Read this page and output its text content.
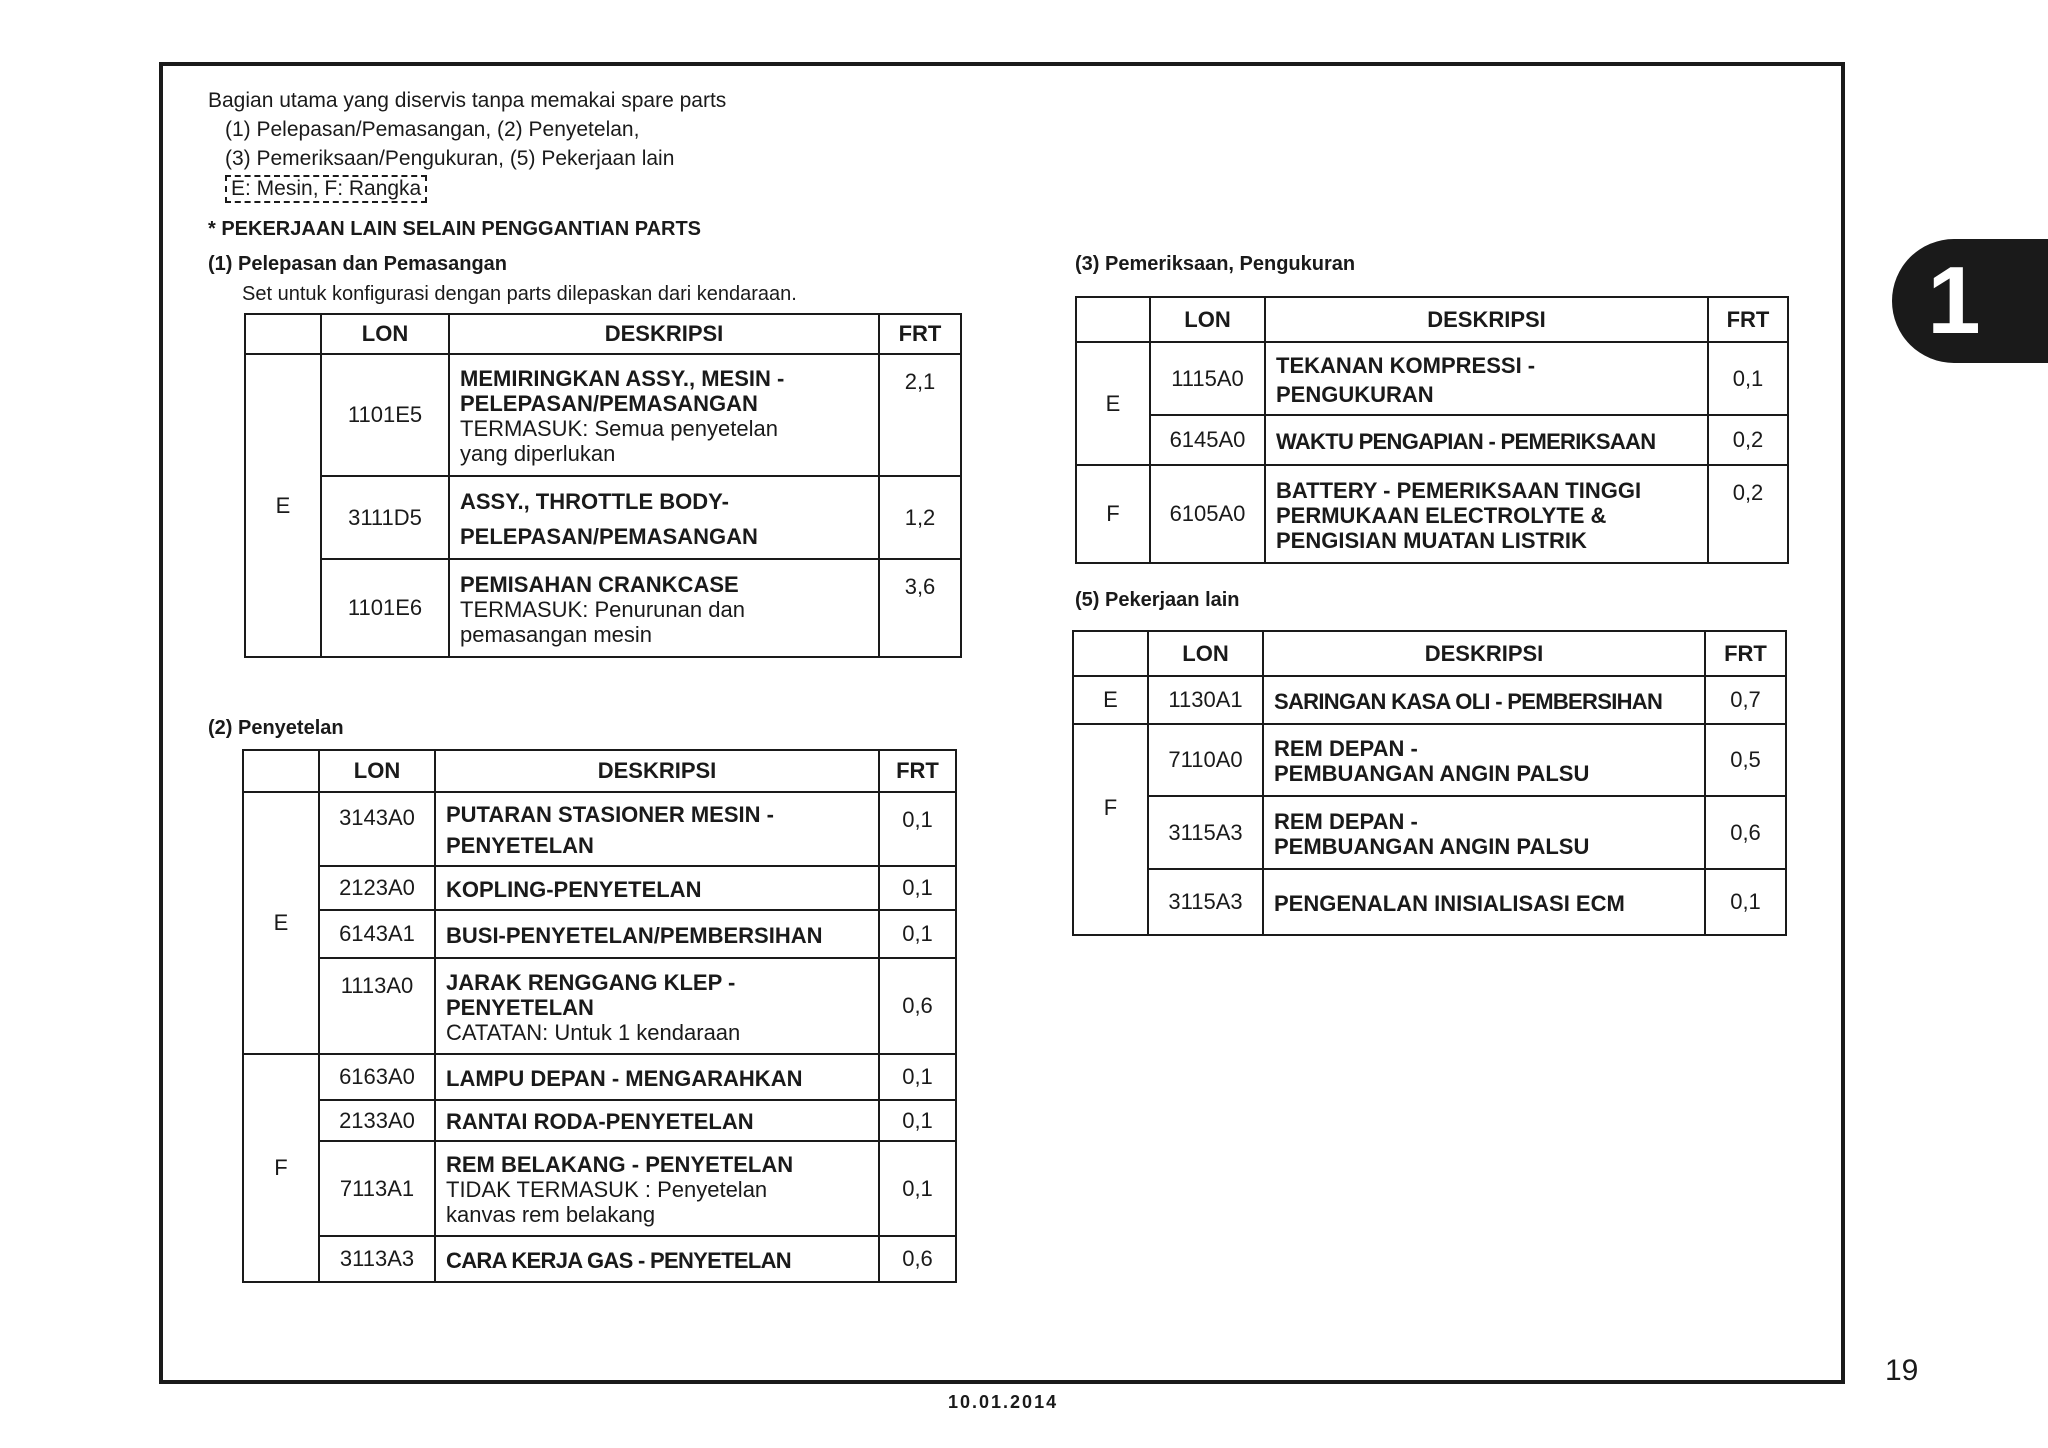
Bagian utama yang diservis tanpa memakai spare parts
(1) Pelepasan/Pemasangan, (2) Penyetelan,
(3) Pemeriksaan/Pengukuran, (5) Pekerjaan lain
E: Mesin, F: Rangka
* PEKERJAAN LAIN SELAIN PENGGANTIAN PARTS
(1) Pelepasan dan Pemasangan
Set untuk konfigurasi dengan parts dilepaskan dari kendaraan.
	LON	DESKRIPSI	FRT
E	1101E5	MEMIRINGKAN ASSY., MESIN -
PELEPASAN/PEMASANGAN
TERMASUK: Semua penyetelan
yang diperlukan	2,1
	3111D5	ASSY., THROTTLE BODY-
PELEPASAN/PEMASANGAN	1,2
	1101E6	PEMISAHAN CRANKCASE
TERMASUK: Penurunan dan
pemasangan mesin	3,6
(2) Penyetelan
	LON	DESKRIPSI	FRT
E	3143A0	PUTARAN STASIONER MESIN -
PENYETELAN	0,1
	2123A0	KOPLING-PENYETELAN	0,1
	6143A1	BUSI-PENYETELAN/PEMBERSIHAN	0,1
	1113A0	JARAK RENGGANG KLEP -
PENYETELAN
CATATAN: Untuk 1 kendaraan	0,6
F	6163A0	LAMPU DEPAN - MENGARAHKAN	0,1
	2133A0	RANTAI RODA-PENYETELAN	0,1
	7113A1	REM BELAKANG - PENYETELAN
TIDAK TERMASUK : Penyetelan
kanvas rem belakang	0,1
	3113A3	CARA KERJA GAS - PENYETELAN	0,6
(3) Pemeriksaan, Pengukuran
	LON	DESKRIPSI	FRT
E	1115A0	TEKANAN KOMPRESSI -
PENGUKURAN	0,1
	6145A0	WAKTU PENGAPIAN - PEMERIKSAAN	0,2
F	6105A0	BATTERY - PEMERIKSAAN TINGGI
PERMUKAAN ELECTROLYTE &
PENGISIAN MUATAN LISTRIK	0,2
(5) Pekerjaan lain
	LON	DESKRIPSI	FRT
E	1130A1	SARINGAN KASA OLI - PEMBERSIHAN	0,7
F	7110A0	REM DEPAN -
PEMBUANGAN ANGIN PALSU	0,5
	3115A3	REM DEPAN -
PEMBUANGAN ANGIN PALSU	0,6
	3115A3	PENGENALAN INISIALISASI ECM	0,1
1
19
10.01.2014
